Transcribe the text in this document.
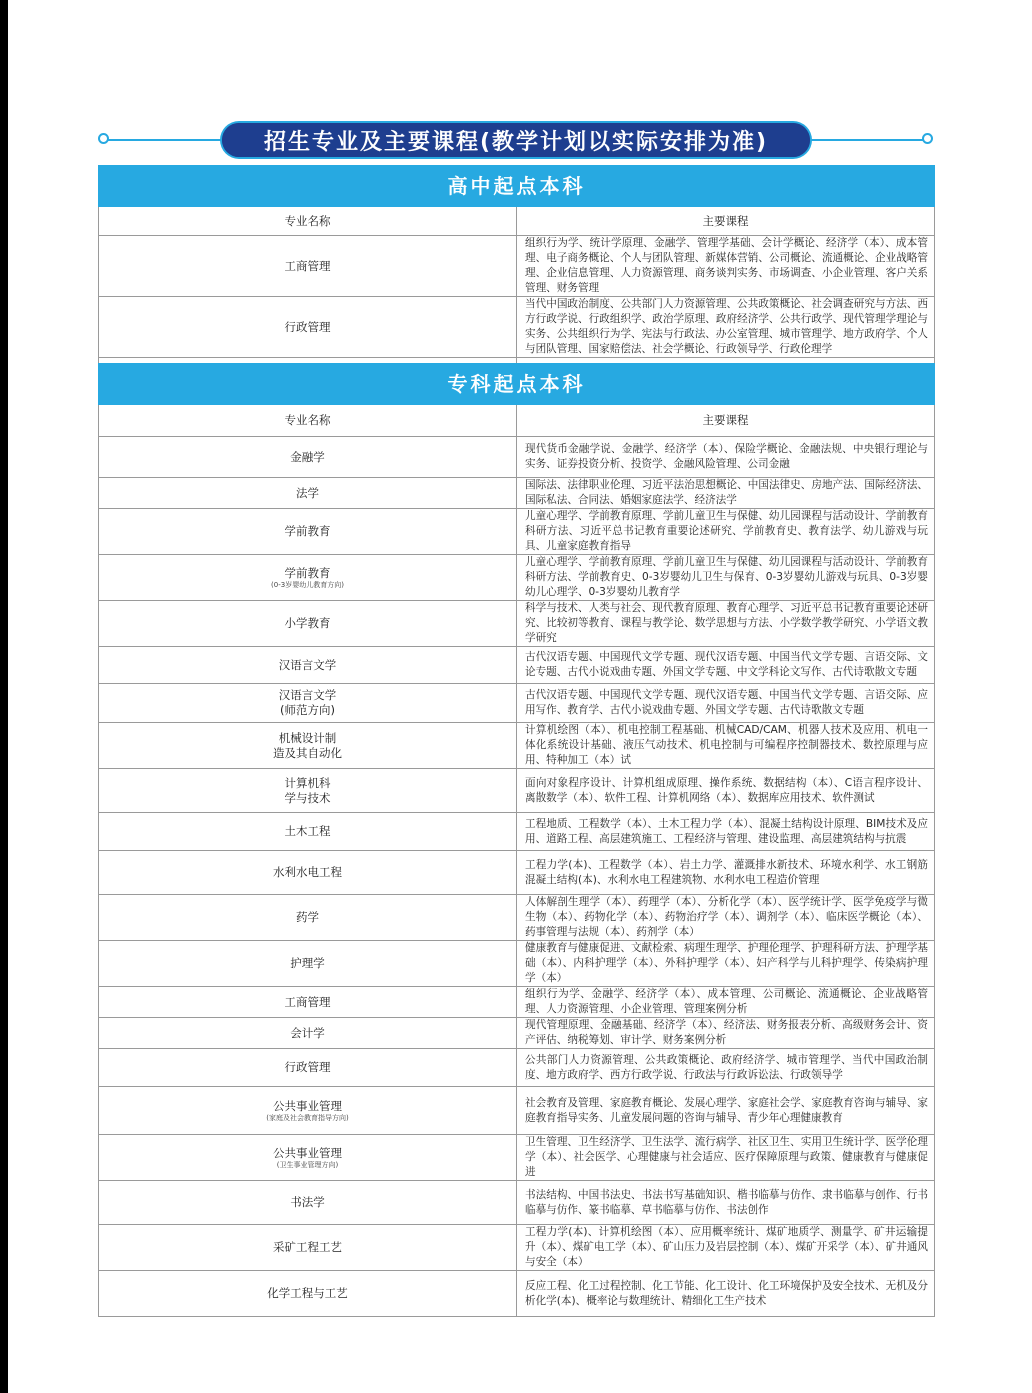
招生专业及主要课程(教学计划以实际安排为准)
高中起点本科	
专业名称	主要课程
工商管理	组织行为学、统计学原理、金融学、管理学基础、会计学概论、经济学（本）、成本管理、电子商务概论、个人与团队管理、新媒体营销、公司概论、流通概论、企业战略管理、企业信息管理、人力资源管理、商务谈判实务、市场调查、小企业管理、客户关系管理、财务管理
行政管理	当代中国政治制度、公共部门人力资源管理、公共政策概论、社会调查研究与方法、西方行政学说、行政组织学、政治学原理、政府经济学、公共行政学、现代管理学理论与实务、公共组织行为学、宪法与行政法、办公室管理、城市管理学、地方政府学、个人与团队管理、国家赔偿法、社会学概论、行政领导学、行政伦理学

专科起点本科	
专业名称	主要课程
金融学	现代货币金融学说、金融学、经济学（本）、保险学概论、金融法规、中央银行理论与实务、证券投资分析、投资学、金融风险管理、公司金融
法学	国际法、法律职业伦理、习近平法治思想概论、中国法律史、房地产法、国际经济法、国际私法、合同法、婚姻家庭法学、经济法学
学前教育	儿童心理学、学前教育原理、学前儿童卫生与保健、幼儿园课程与活动设计、学前教育科研方法、习近平总书记教育重要论述研究、学前教育史、教育法学、幼儿游戏与玩具、儿童家庭教育指导

学前教育
(0-3岁婴幼儿教育方向)	儿童心理学、学前教育原理、学前儿童卫生与保健、幼儿园课程与活动设计、学前教育科研方法、学前教育史、0-3岁婴幼儿卫生与保育、0-3岁婴幼儿游戏与玩具、0-3岁婴幼儿心理学、0-3岁婴幼儿教育学
小学教育	科学与技术、人类与社会、现代教育原理、教育心理学、习近平总书记教育重要论述研究、比较初等教育、课程与教学论、数学思想与方法、小学数学教学研究、小学语文教学研究
汉语言文学	古代汉语专题、中国现代文学专题、现代汉语专题、中国当代文学专题、言语交际、文论专题、古代小说戏曲专题、外国文学专题、中文学科论文写作、古代诗歌散文专题

汉语言文学
(师范方向)	古代汉语专题、中国现代文学专题、现代汉语专题、中国当代文学专题、言语交际、应用写作、教育学、古代小说戏曲专题、外国文学专题、古代诗歌散文专题

机械设计制
造及其自动化	计算机绘图（本）、机电控制工程基础、机械CAD/CAM、机器人技术及应用、机电一体化系统设计基础、液压气动技术、机电控制与可编程序控制器技术、数控原理与应用、特种加工（本）试

计算机科
学与技术	面向对象程序设计、计算机组成原理、操作系统、数据结构（本）、C语言程序设计、离散数学（本）、软件工程、计算机网络（本）、数据库应用技术、软件测试
土木工程	工程地质、工程数学（本）、土木工程力学（本）、混凝土结构设计原理、BIM技术及应用、道路工程、高层建筑施工、工程经济与管理、建设监理、高层建筑结构与抗震
水利水电工程	工程力学(本)、工程数学（本）、岩土力学、灌溉排水新技术、环境水利学、水工钢筋混凝土结构(本)、水利水电工程建筑物、水利水电工程造价管理
药学	人体解剖生理学（本）、药理学（本）、分析化学（本）、医学统计学、医学免疫学与微生物（本）、药物化学（本）、药物治疗学（本）、调剂学（本）、临床医学概论（本）、药事管理与法规（本）、药剂学（本）
护理学	健康教育与健康促进、文献检索、病理生理学、护理伦理学、护理科研方法、护理学基础（本）、内科护理学（本）、外科护理学（本）、妇产科学与儿科护理学、传染病护理学（本）
工商管理	组织行为学、金融学、经济学（本）、成本管理、公司概论、流通概论、企业战略管理、人力资源管理、小企业管理、管理案例分析
会计学	现代管理原理、金融基础、经济学（本）、经济法、财务报表分析、高级财务会计、资产评估、纳税筹划、审计学、财务案例分析
行政管理	公共部门人力资源管理、公共政策概论、政府经济学、城市管理学、当代中国政治制度、地方政府学、西方行政学说、行政法与行政诉讼法、行政领导学

公共事业管理
(家庭及社会教育指导方向)	社会教育及管理、家庭教育概论、发展心理学、家庭社会学、家庭教育咨询与辅导、家庭教育指导实务、儿童发展问题的咨询与辅导、青少年心理健康教育

公共事业管理
(卫生事业管理方向)	卫生管理、卫生经济学、卫生法学、流行病学、社区卫生、实用卫生统计学、医学伦理学（本）、社会医学、心理健康与社会适应、医疗保障原理与政策、健康教育与健康促进
书法学	书法结构、中国书法史、书法书写基础知识、楷书临摹与仿作、隶书临摹与创作、行书临摹与仿作、篆书临摹、草书临摹与仿作、书法创作
采矿工程工艺	工程力学(本)、计算机绘图（本）、应用概率统计、煤矿地质学、测量学、矿井运输提升（本）、煤矿电工学（本）、矿山压力及岩层控制（本）、煤矿开采学（本）、矿井通风与安全（本）
化学工程与工艺	反应工程、化工过程控制、化工节能、化工设计、化工环境保护及安全技术、无机及分析化学(本)、概率论与数理统计、精细化工生产技术
